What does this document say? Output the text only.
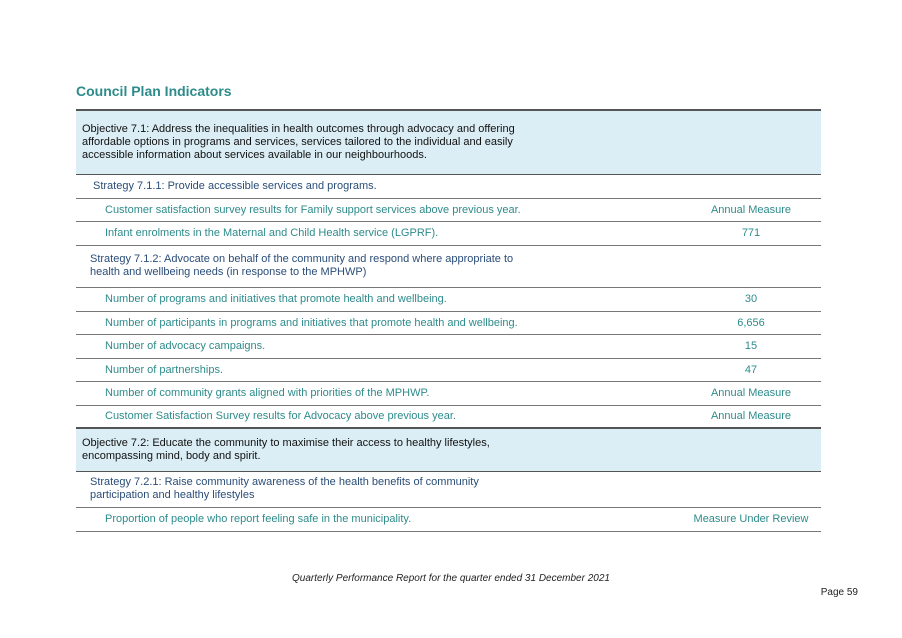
Council Plan Indicators
Objective 7.1: Address the inequalities in health outcomes through advocacy and offering affordable options in programs and services, services tailored to the individual and easily accessible information about services available in our neighbourhoods.	
Strategy 7.1.1: Provide accessible services and programs.	
Customer satisfaction survey results for Family support services above previous year.	Annual Measure
Infant enrolments in the Maternal and Child Health service (LGPRF).	771
Strategy 7.1.2: Advocate on behalf of the community and respond where appropriate to health and wellbeing needs (in response to the MPHWP)	
Number of programs and initiatives that promote health and wellbeing.	30
Number of participants in programs and initiatives that promote health and wellbeing.	6,656
Number of advocacy campaigns.	15
Number of partnerships.	47
Number of community grants aligned with priorities of the MPHWP.	Annual Measure
Customer Satisfaction Survey results for Advocacy above previous year.	Annual Measure
Objective 7.2: Educate the community to maximise their access to healthy lifestyles, encompassing mind, body and spirit.	
Strategy 7.2.1: Raise community awareness of the health benefits of community participation and healthy lifestyles	
Proportion of people who report feeling safe in the municipality.	Measure Under Review
Quarterly Performance Report for the quarter ended 31 December 2021
Page 59
